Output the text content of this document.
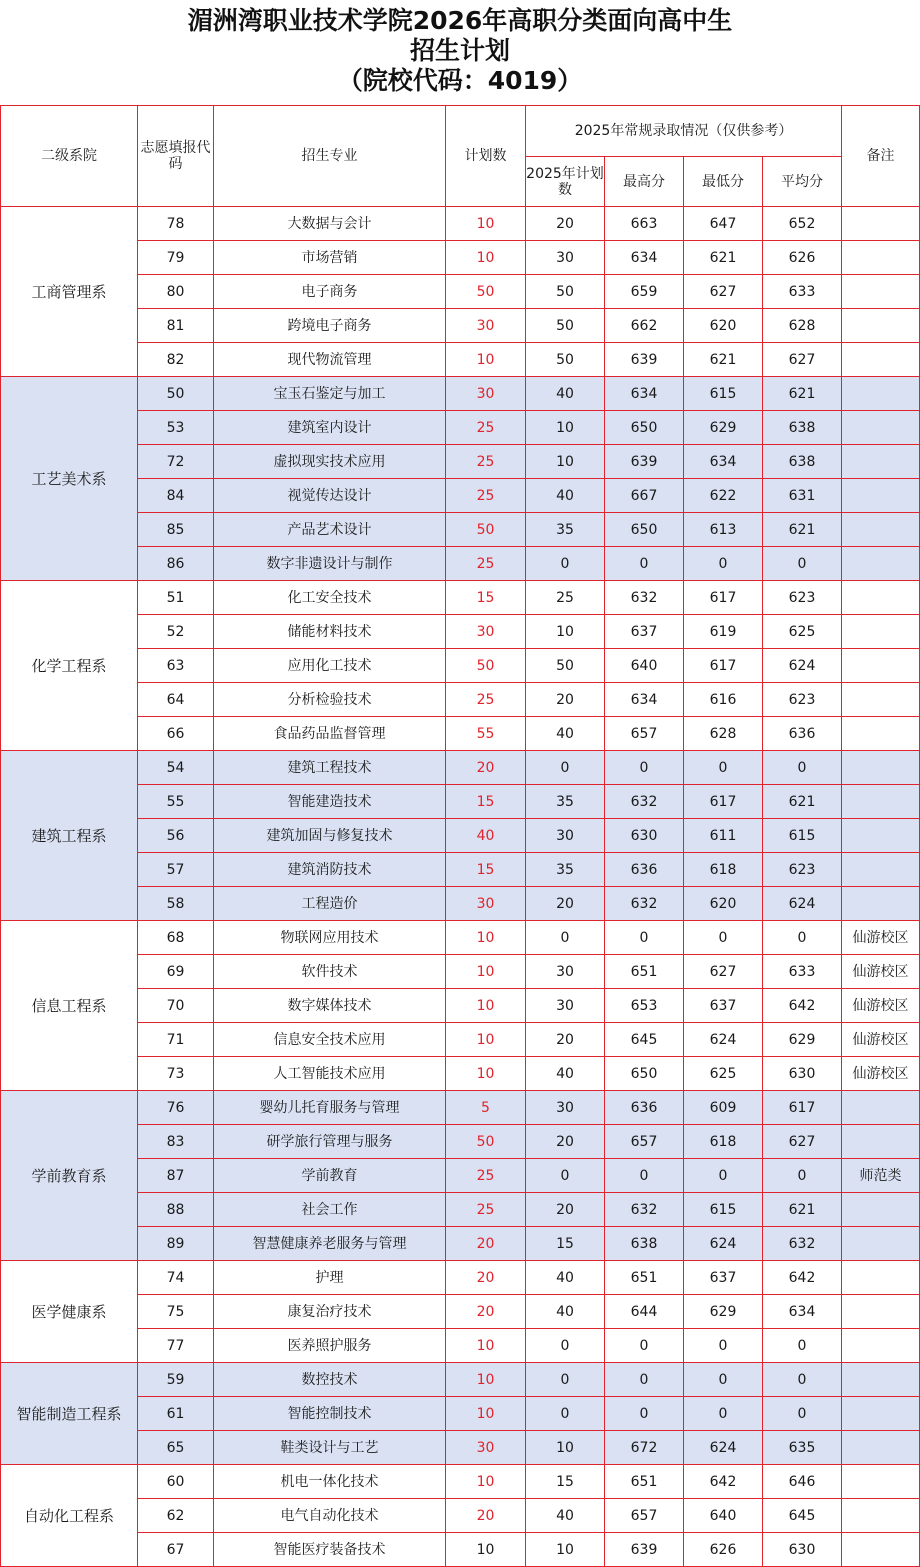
湄洲湾职业技术学院2026年高职分类面向高中生
招生计划
（院校代码：4019）
二级系院	志愿填报代码	招生专业	计划数	2025年常规录取情况（仅供参考）				备注
				2025年计划数	最高分	最低分	平均分	
工商管理系	78	大数据与会计	10	20	663	647	652	
	79	市场营销	10	30	634	621	626	
	80	电子商务	50	50	659	627	633	
	81	跨境电子商务	30	50	662	620	628	
	82	现代物流管理	10	50	639	621	627	
工艺美术系	50	宝玉石鉴定与加工	30	40	634	615	621	
	53	建筑室内设计	25	10	650	629	638	
	72	虚拟现实技术应用	25	10	639	634	638	
	84	视觉传达设计	25	40	667	622	631	
	85	产品艺术设计	50	35	650	613	621	
	86	数字非遗设计与制作	25	0	0	0	0	
化学工程系	51	化工安全技术	15	25	632	617	623	
	52	储能材料技术	30	10	637	619	625	
	63	应用化工技术	50	50	640	617	624	
	64	分析检验技术	25	20	634	616	623	
	66	食品药品监督管理	55	40	657	628	636	
建筑工程系	54	建筑工程技术	20	0	0	0	0	
	55	智能建造技术	15	35	632	617	621	
	56	建筑加固与修复技术	40	30	630	611	615	
	57	建筑消防技术	15	35	636	618	623	
	58	工程造价	30	20	632	620	624	
信息工程系	68	物联网应用技术	10	0	0	0	0	仙游校区
	69	软件技术	10	30	651	627	633	仙游校区
	70	数字媒体技术	10	30	653	637	642	仙游校区
	71	信息安全技术应用	10	20	645	624	629	仙游校区
	73	人工智能技术应用	10	40	650	625	630	仙游校区
学前教育系	76	婴幼儿托育服务与管理	5	30	636	609	617	
	83	研学旅行管理与服务	50	20	657	618	627	
	87	学前教育	25	0	0	0	0	师范类
	88	社会工作	25	20	632	615	621	
	89	智慧健康养老服务与管理	20	15	638	624	632	
医学健康系	74	护理	20	40	651	637	642	
	75	康复治疗技术	20	40	644	629	634	
	77	医养照护服务	10	0	0	0	0	
智能制造工程系	59	数控技术	10	0	0	0	0	
	61	智能控制技术	10	0	0	0	0	
	65	鞋类设计与工艺	30	10	672	624	635	
自动化工程系	60	机电一体化技术	10	15	651	642	646	
	62	电气自动化技术	20	40	657	640	645	
	67	智能医疗装备技术	10	10	639	626	630	
